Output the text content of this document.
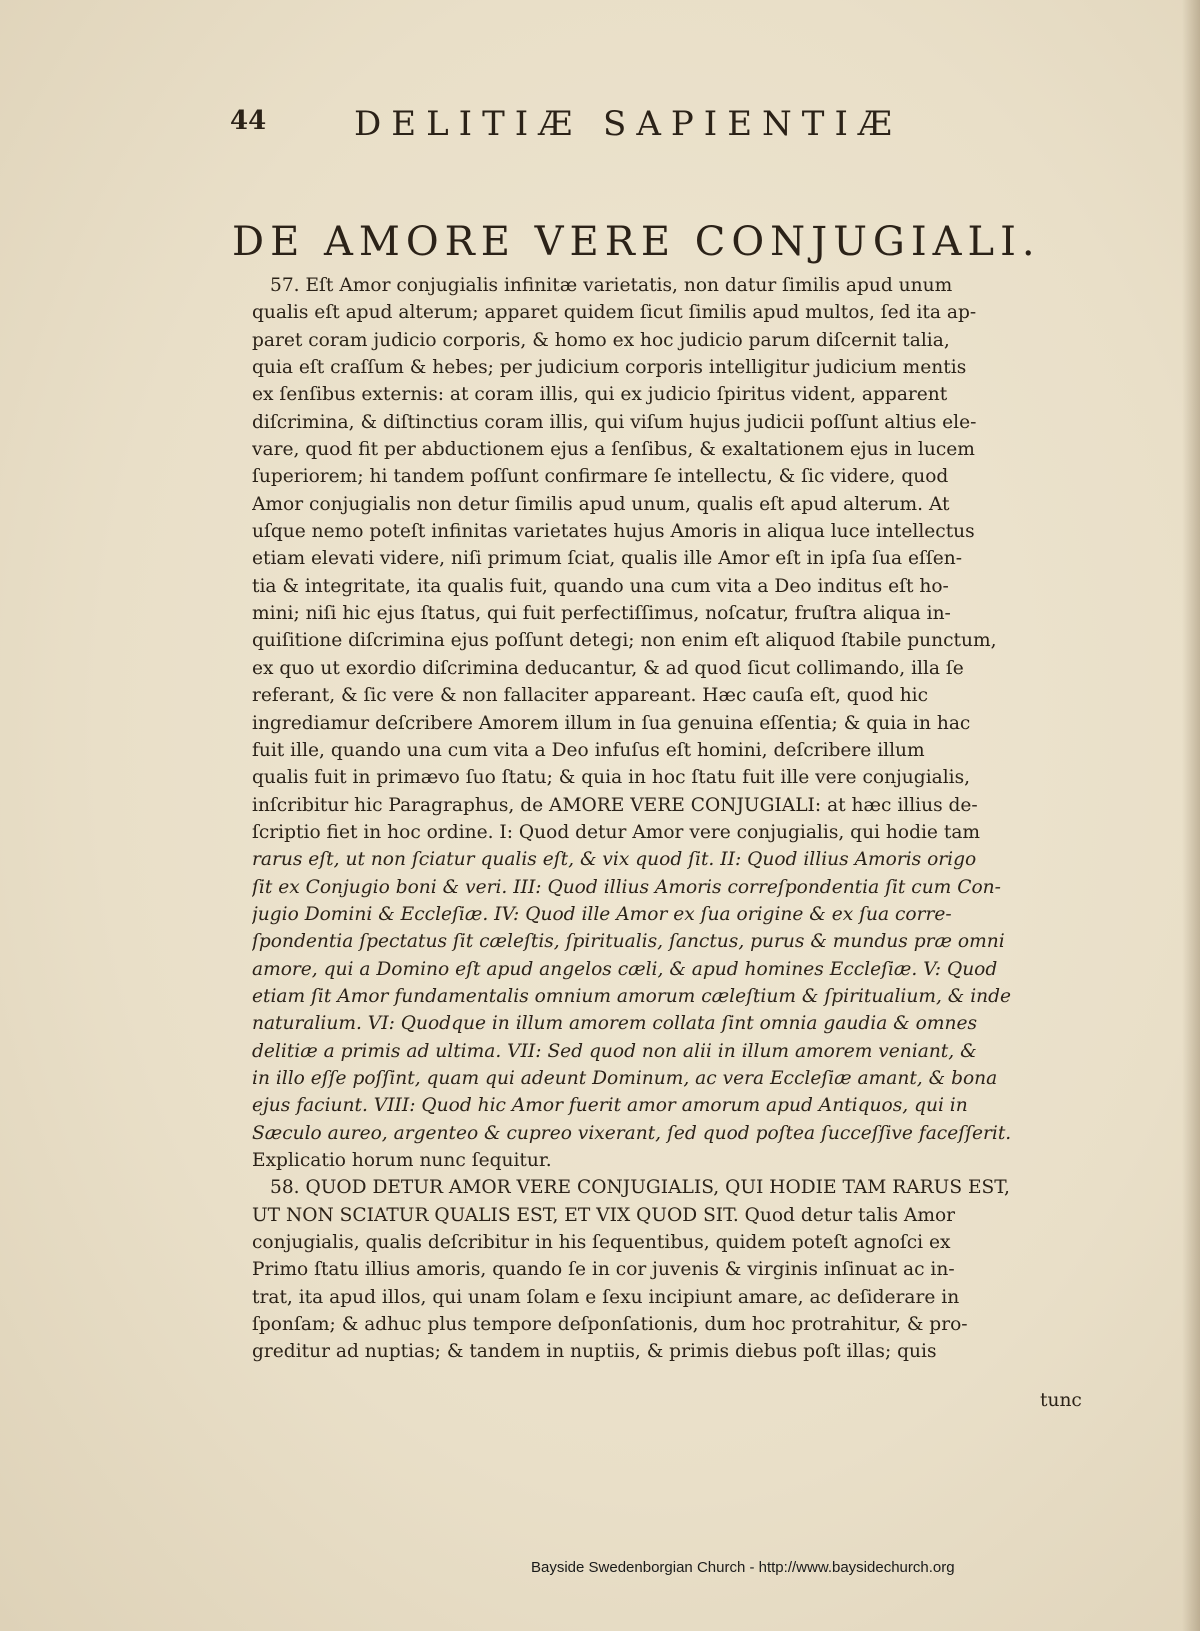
44	DELITIÆ SAPIENTIÆ
DE AMORE VERE CONJUGIALI.
57. Eſt Amor conjugialis infinitæ varietatis, non datur ſimilis apud unum
qualis eſt apud alterum; apparet quidem ſicut ſimilis apud multos, ſed ita ap-
paret coram judicio corporis, & homo ex hoc judicio parum diſcernit talia,
quia eſt craſſum & hebes; per judicium corporis intelligitur judicium mentis
ex ſenſibus externis: at coram illis, qui ex judicio ſpiritus vident, apparent
diſcrimina, & diſtinctius coram illis, qui viſum hujus judicii poſſunt altius ele-
vare, quod fit per abductionem ejus a ſenſibus, & exaltationem ejus in lucem
ſuperiorem; hi tandem poſſunt confirmare ſe intellectu, & ſic videre, quod
Amor conjugialis non detur ſimilis apud unum, qualis eſt apud alterum. At
uſque nemo poteſt infinitas varietates hujus Amoris in aliqua luce intellectus
etiam elevati videre, niſi primum ſciat, qualis ille Amor eſt in ipſa ſua eſſen-
tia & integritate, ita qualis fuit, quando una cum vita a Deo inditus eſt ho-
mini; niſi hic ejus ſtatus, qui fuit perfectiſſimus, noſcatur, fruſtra aliqua in-
quiſitione diſcrimina ejus poſſunt detegi; non enim eſt aliquod ſtabile punctum,
ex quo ut exordio diſcrimina deducantur, & ad quod ſicut collimando, illa ſe
referant, & ſic vere & non fallaciter appareant. Hæc cauſa eſt, quod hic
ingrediamur deſcribere Amorem illum in ſua genuina eſſentia; & quia in hac
fuit ille, quando una cum vita a Deo infuſus eſt homini, deſcribere illum
qualis fuit in primævo ſuo ſtatu; & quia in hoc ſtatu fuit ille vere conjugialis,
inſcribitur hic Paragraphus, de AMORE VERE CONJUGIALI: at hæc illius de-
ſcriptio fiet in hoc ordine. I: Quod detur Amor vere conjugialis, qui hodie tam
rarus eſt, ut non ſciatur qualis eſt, & vix quod ſit. II: Quod illius Amoris origo
ſit ex Conjugio boni & veri. III: Quod illius Amoris correſpondentia ſit cum Con-
jugio Domini & Eccleſiæ. IV: Quod ille Amor ex ſua origine & ex ſua corre-
ſpondentia ſpectatus ſit cæleſtis, ſpiritualis, ſanctus, purus & mundus præ omni
amore, qui a Domino eſt apud angelos cæli, & apud homines Eccleſiæ. V: Quod
etiam ſit Amor fundamentalis omnium amorum cæleſtium & ſpiritualium, & inde
naturalium. VI: Quodque in illum amorem collata ſint omnia gaudia & omnes
delitiæ a primis ad ultima. VII: Sed quod non alii in illum amorem veniant, &
in illo eſſe poſſint, quam qui adeunt Dominum, ac vera Eccleſiæ amant, & bona
ejus faciunt. VIII: Quod hic Amor fuerit amor amorum apud Antiquos, qui in
Sæculo aureo, argenteo & cupreo vixerant, ſed quod poſtea ſucceſſive faceſſerit.
Explicatio horum nunc ſequitur.
58. QUOD DETUR AMOR VERE CONJUGIALIS, QUI HODIE TAM RARUS EST,
UT NON SCIATUR QUALIS EST, ET VIX QUOD SIT. Quod detur talis Amor
conjugialis, qualis deſcribitur in his ſequentibus, quidem poteſt agnoſci ex
Primo ſtatu illius amoris, quando ſe in cor juvenis & virginis inſinuat ac in-
trat, ita apud illos, qui unam ſolam e ſexu incipiunt amare, ac deſiderare in
ſponſam; & adhuc plus tempore deſponſationis, dum hoc protrahitur, & pro-
greditur ad nuptias; & tandem in nuptiis, & primis diebus poſt illas; quis
tunc
Bayside Swedenborgian Church - http://www.baysidechurch.org
